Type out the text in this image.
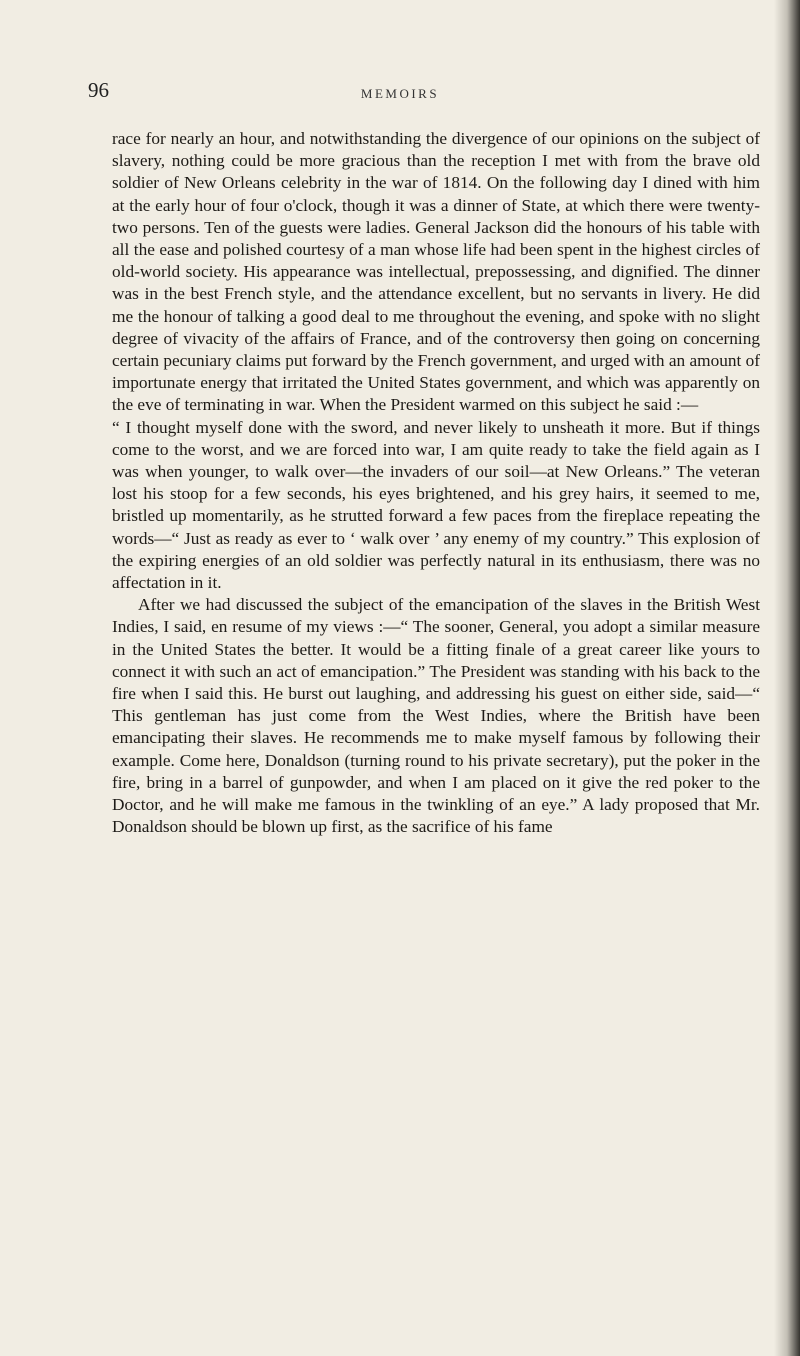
96	MEMOIRS

race for nearly an hour, and notwithstanding the divergence of our opinions on the subject of slavery, nothing could be more gracious than the reception I met with from the brave old soldier of New Orleans celebrity in the war of 1814. On the following day I dined with him at the early hour of four o'clock, though it was a dinner of State, at which there were twenty-two persons. Ten of the guests were ladies. General Jackson did the honours of his table with all the ease and polished courtesy of a man whose life had been spent in the highest circles of old-world society. His appearance was intellectual, prepossessing, and dignified. The dinner was in the best French style, and the attendance excellent, but no servants in livery. He did me the honour of talking a good deal to me throughout the evening, and spoke with no slight degree of vivacity of the affairs of France, and of the controversy then going on concerning certain pecuniary claims put forward by the French government, and urged with an amount of importunate energy that irritated the United States government, and which was apparently on the eve of terminating in war. When the President warmed on this subject he said :—

“ I thought myself done with the sword, and never likely to unsheath it more. But if things come to the worst, and we are forced into war, I am quite ready to take the field again as I was when younger, to walk over—the invaders of our soil—at New Orleans.” The veteran lost his stoop for a few seconds, his eyes brightened, and his grey hairs, it seemed to me, bristled up momentarily, as he strutted forward a few paces from the fireplace repeating the words—“ Just as ready as ever to ‘ walk over ’ any enemy of my country.” This explosion of the expiring energies of an old soldier was perfectly natural in its enthusiasm, there was no affectation in it.

After we had discussed the subject of the emancipation of the slaves in the British West Indies, I said, en resume of my views :—“ The sooner, General, you adopt a similar measure in the United States the better. It would be a fitting finale of a great career like yours to connect it with such an act of emancipation.” The President was standing with his back to the fire when I said this. He burst out laughing, and addressing his guest on either side, said—“ This gentleman has just come from the West Indies, where the British have been emancipating their slaves. He recommends me to make myself famous by following their example. Come here, Donaldson (turning round to his private secretary), put the poker in the fire, bring in a barrel of gunpowder, and when I am placed on it give the red poker to the Doctor, and he will make me famous in the twinkling of an eye.” A lady proposed that Mr. Donaldson should be blown up first, as the sacrifice of his fame
